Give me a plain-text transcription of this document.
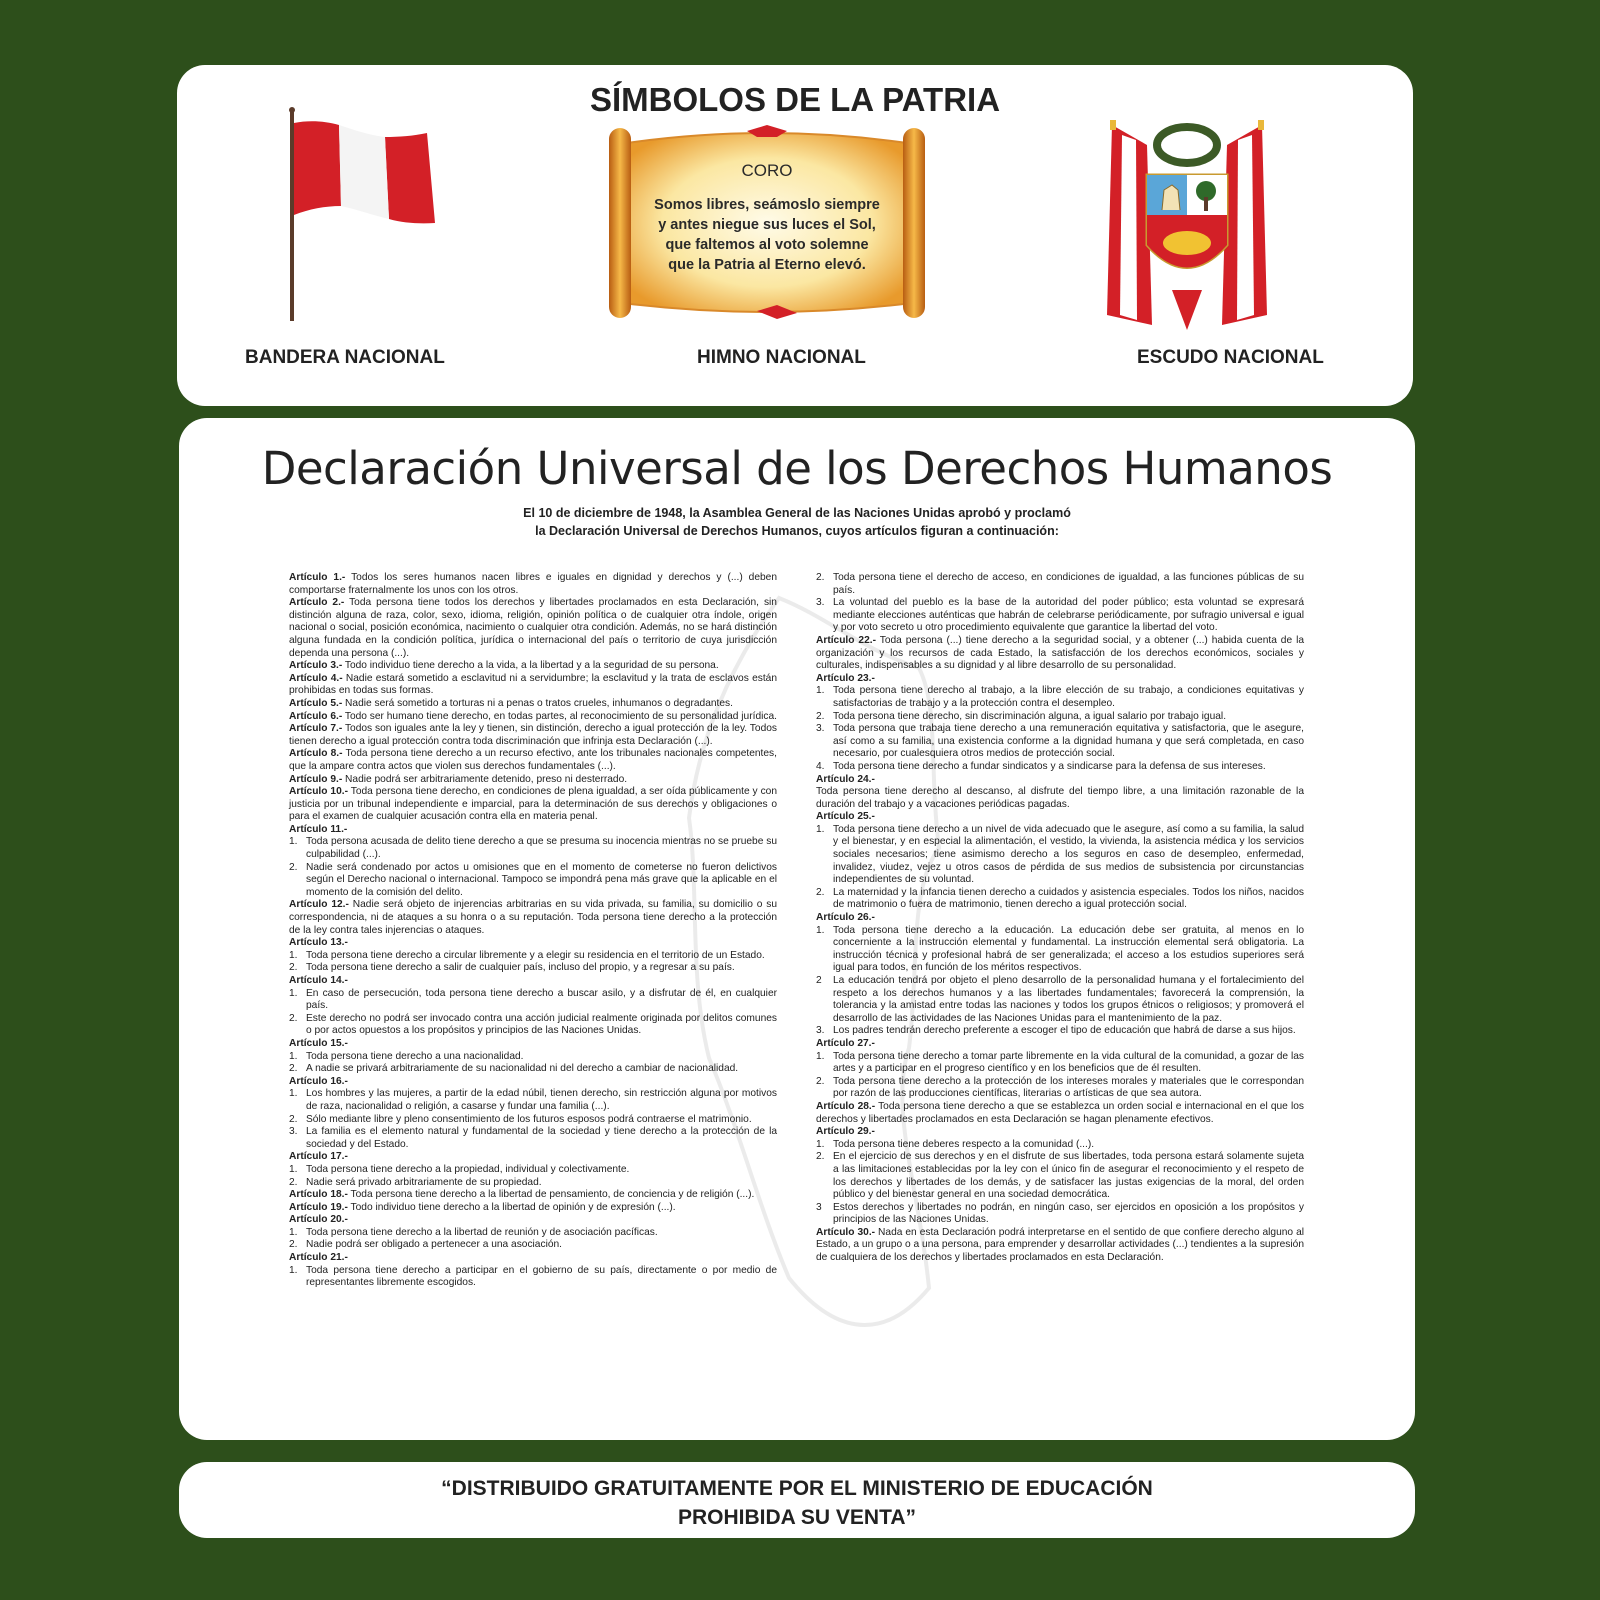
SÍMBOLOS DE LA PATRIA
CORO
Somos libres, seámoslo siempre
y antes niegue sus luces el Sol,
que faltemos al voto solemne
que la Patria al Eterno elevó.
BANDERA NACIONAL	HIMNO NACIONAL	ESCUDO NACIONAL
Declaración Universal de los Derechos Humanos
El 10 de diciembre de 1948, la Asamblea General de las Naciones Unidas aprobó y proclamó
la Declaración Universal de Derechos Humanos, cuyos artículos figuran a continuación:
Artículo 1.- Todos los seres humanos nacen libres e iguales en dignidad y derechos y (...) deben comportarse fraternalmente los unos con los otros.
Artículo 2.- Toda persona tiene todos los derechos y libertades proclamados en esta Declaración, sin distinción alguna de raza, color, sexo, idioma, religión, opinión política o de cualquier otra índole, origen nacional o social, posición económica, nacimiento o cualquier otra condición. Además, no se hará distinción alguna fundada en la condición política, jurídica o internacional del país o territorio de cuya jurisdicción dependa una persona (...).
Artículo 3.- Todo individuo tiene derecho a la vida, a la libertad y a la seguridad de su persona.
Artículo 4.- Nadie estará sometido a esclavitud ni a servidumbre; la esclavitud y la trata de esclavos están prohibidas en todas sus formas.
Artículo 5.- Nadie será sometido a torturas ni a penas o tratos crueles, inhumanos o degradantes.
Artículo 6.- Todo ser humano tiene derecho, en todas partes, al reconocimiento de su personalidad jurídica.
Artículo 7.- Todos son iguales ante la ley y tienen, sin distinción, derecho a igual protección de la ley. Todos tienen derecho a igual protección contra toda discriminación que infrinja esta Declaración (...).
Artículo 8.- Toda persona tiene derecho a un recurso efectivo, ante los tribunales nacionales competentes, que la ampare contra actos que violen sus derechos fundamentales (...).
Artículo 9.- Nadie podrá ser arbitrariamente detenido, preso ni desterrado.
Artículo 10.- Toda persona tiene derecho, en condiciones de plena igualdad, a ser oída públicamente y con justicia por un tribunal independiente e imparcial, para la determinación de sus derechos y obligaciones o para el examen de cualquier acusación contra ella en materia penal.
Artículo 11.-
1. Toda persona acusada de delito tiene derecho a que se presuma su inocencia mientras no se pruebe su culpabilidad (...).
2. Nadie será condenado por actos u omisiones que en el momento de cometerse no fueron delictivos según el Derecho nacional o internacional. Tampoco se impondrá pena más grave que la aplicable en el momento de la comisión del delito.
Artículo 12.- Nadie será objeto de injerencias arbitrarias en su vida privada, su familia, su domicilio o su correspondencia, ni de ataques a su honra o a su reputación. Toda persona tiene derecho a la protección de la ley contra tales injerencias o ataques.
Artículo 13.-
1. Toda persona tiene derecho a circular libremente y a elegir su residencia en el territorio de un Estado.
2. Toda persona tiene derecho a salir de cualquier país, incluso del propio, y a regresar a su país.
Artículo 14.-
1. En caso de persecución, toda persona tiene derecho a buscar asilo, y a disfrutar de él, en cualquier país.
2. Este derecho no podrá ser invocado contra una acción judicial realmente originada por delitos comunes o por actos opuestos a los propósitos y principios de las Naciones Unidas.
Artículo 15.-
1. Toda persona tiene derecho a una nacionalidad.
2. A nadie se privará arbitrariamente de su nacionalidad ni del derecho a cambiar de nacionalidad.
Artículo 16.-
1. Los hombres y las mujeres, a partir de la edad núbil, tienen derecho, sin restricción alguna por motivos de raza, nacionalidad o religión, a casarse y fundar una familia (...).
2. Sólo mediante libre y pleno consentimiento de los futuros esposos podrá contraerse el matrimonio.
3. La familia es el elemento natural y fundamental de la sociedad y tiene derecho a la protección de la sociedad y del Estado.
Artículo 17.-
1. Toda persona tiene derecho a la propiedad, individual y colectivamente.
2. Nadie será privado arbitrariamente de su propiedad.
Artículo 18.- Toda persona tiene derecho a la libertad de pensamiento, de conciencia y de religión (...).
Artículo 19.- Todo individuo tiene derecho a la libertad de opinión y de expresión (...).
Artículo 20.-
1. Toda persona tiene derecho a la libertad de reunión y de asociación pacíficas.
2. Nadie podrá ser obligado a pertenecer a una asociación.
Artículo 21.-
1. Toda persona tiene derecho a participar en el gobierno de su país, directamente o por medio de representantes libremente escogidos.
2. Toda persona tiene el derecho de acceso, en condiciones de igualdad, a las funciones públicas de su país.
3. La voluntad del pueblo es la base de la autoridad del poder público; esta voluntad se expresará mediante elecciones auténticas que habrán de celebrarse periódicamente, por sufragio universal e igual y por voto secreto u otro procedimiento equivalente que garantice la libertad del voto.
Artículo 22.- Toda persona (...) tiene derecho a la seguridad social, y a obtener (...) habida cuenta de la organización y los recursos de cada Estado, la satisfacción de los derechos económicos, sociales y culturales, indispensables a su dignidad y al libre desarrollo de su personalidad.
Artículo 23.-
1. Toda persona tiene derecho al trabajo, a la libre elección de su trabajo, a condiciones equitativas y satisfactorias de trabajo y a la protección contra el desempleo.
2. Toda persona tiene derecho, sin discriminación alguna, a igual salario por trabajo igual.
3. Toda persona que trabaja tiene derecho a una remuneración equitativa y satisfactoria, que le asegure, así como a su familia, una existencia conforme a la dignidad humana y que será completada, en caso necesario, por cualesquiera otros medios de protección social.
4. Toda persona tiene derecho a fundar sindicatos y a sindicarse para la defensa de sus intereses.
Artículo 24.-
Toda persona tiene derecho al descanso, al disfrute del tiempo libre, a una limitación razonable de la duración del trabajo y a vacaciones periódicas pagadas.
Artículo 25.-
1. Toda persona tiene derecho a un nivel de vida adecuado que le asegure, así como a su familia, la salud y el bienestar, y en especial la alimentación, el vestido, la vivienda, la asistencia médica y los servicios sociales necesarios; tiene asimismo derecho a los seguros en caso de desempleo, enfermedad, invalidez, viudez, vejez u otros casos de pérdida de sus medios de subsistencia por circunstancias independientes de su voluntad.
2. La maternidad y la infancia tienen derecho a cuidados y asistencia especiales. Todos los niños, nacidos de matrimonio o fuera de matrimonio, tienen derecho a igual protección social.
Artículo 26.-
1. Toda persona tiene derecho a la educación. La educación debe ser gratuita, al menos en lo concerniente a la instrucción elemental y fundamental. La instrucción elemental será obligatoria. La instrucción técnica y profesional habrá de ser generalizada; el acceso a los estudios superiores será igual para todos, en función de los méritos respectivos.
2	La educación tendrá por objeto el pleno desarrollo de la personalidad humana y el fortalecimiento del respeto a los derechos humanos y a las libertades fundamentales; favorecerá la comprensión, la tolerancia y la amistad entre todas las naciones y todos los grupos étnicos o religiosos; y promoverá el desarrollo de las actividades de las Naciones Unidas para el mantenimiento de la paz.
3. Los padres tendrán derecho preferente a escoger el tipo de educación que habrá de darse a sus hijos.
Artículo 27.-
1. Toda persona tiene derecho a tomar parte libremente en la vida cultural de la comunidad, a gozar de las artes y a participar en el progreso científico y en los beneficios que de él resulten.
2. Toda persona tiene derecho a la protección de los intereses morales y materiales que le correspondan por razón de las producciones científicas, literarias o artísticas de que sea autora.
Artículo 28.- Toda persona tiene derecho a que se establezca un orden social e internacional en el que los derechos y libertades proclamados en esta Declaración se hagan plenamente efectivos.
Artículo 29.-
1. Toda persona tiene deberes respecto a la comunidad (...).
2. En el ejercicio de sus derechos y en el disfrute de sus libertades, toda persona estará solamente sujeta a las limitaciones establecidas por la ley con el único fin de asegurar el reconocimiento y el respeto de los derechos y libertades de los demás, y de satisfacer las justas exigencias de la moral, del orden público y del bienestar general en una sociedad democrática.
3	Estos derechos y libertades no podrán, en ningún caso, ser ejercidos en oposición a los propósitos y principios de las Naciones Unidas.
Artículo 30.- Nada en esta Declaración podrá interpretarse en el sentido de que confiere derecho alguno al Estado, a un grupo o a una persona, para emprender y desarrollar actividades (...) tendientes a la supresión de cualquiera de los derechos y libertades proclamados en esta Declaración.
“DISTRIBUIDO GRATUITAMENTE POR EL MINISTERIO DE EDUCACIÓN
PROHIBIDA SU VENTA”
